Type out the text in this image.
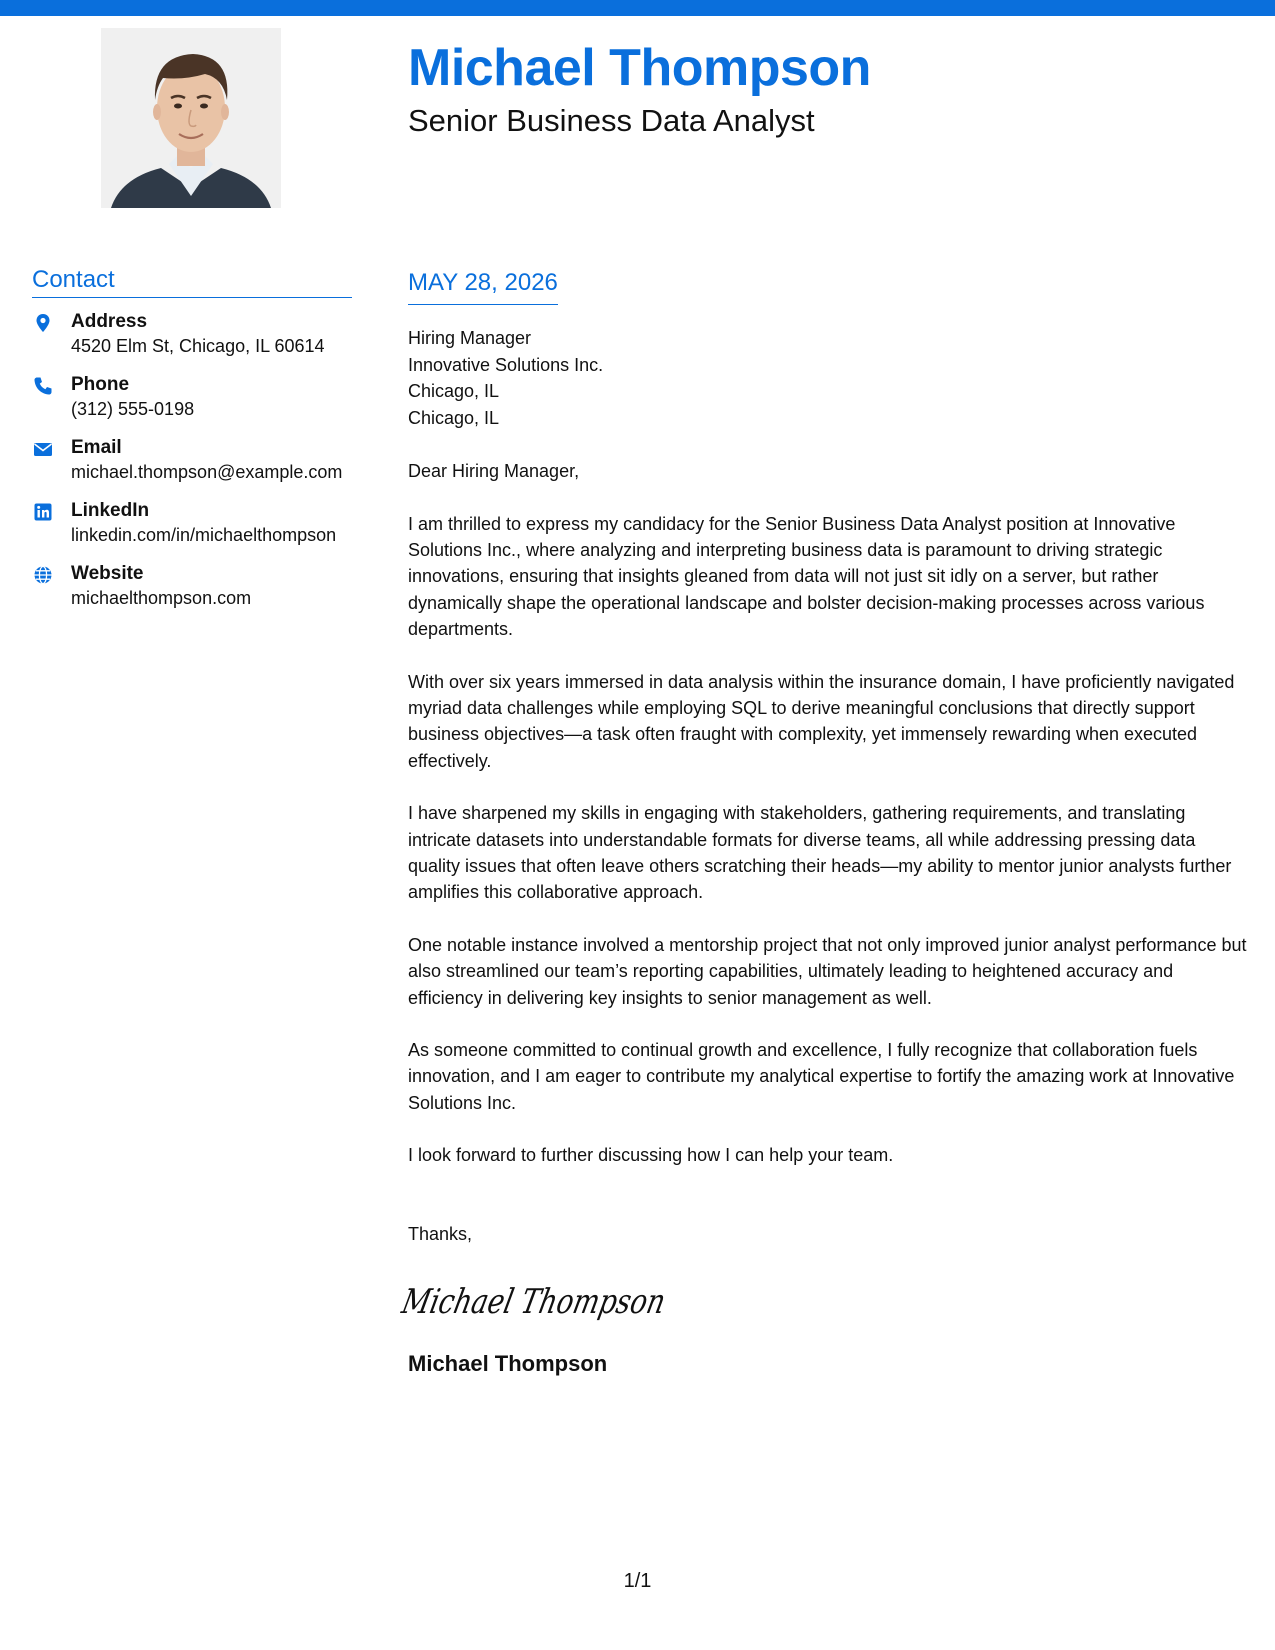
Michael Thompson
Senior Business Data Analyst
Contact
Address
4520 Elm St, Chicago, IL 60614
Phone
(312) 555-0198
Email
michael.thompson@example.com
LinkedIn
linkedin.com/in/michaelthompson
Website
michaelthompson.com
MAY 28, 2026
Hiring Manager
Innovative Solutions Inc.
Chicago, IL
Chicago, IL
Dear Hiring Manager,
I am thrilled to express my candidacy for the Senior Business Data Analyst position at Innovative Solutions Inc., where analyzing and interpreting business data is paramount to driving strategic innovations, ensuring that insights gleaned from data will not just sit idly on a server, but rather dynamically shape the operational landscape and bolster decision-making processes across various departments.
With over six years immersed in data analysis within the insurance domain, I have proficiently navigated myriad data challenges while employing SQL to derive meaningful conclusions that directly support business objectives—a task often fraught with complexity, yet immensely rewarding when executed effectively.
I have sharpened my skills in engaging with stakeholders, gathering requirements, and translating intricate datasets into understandable formats for diverse teams, all while addressing pressing data quality issues that often leave others scratching their heads—my ability to mentor junior analysts further amplifies this collaborative approach.
One notable instance involved a mentorship project that not only improved junior analyst performance but also streamlined our team’s reporting capabilities, ultimately leading to heightened accuracy and efficiency in delivering key insights to senior management as well.
As someone committed to continual growth and excellence, I fully recognize that collaboration fuels innovation, and I am eager to contribute my analytical expertise to fortify the amazing work at Innovative Solutions Inc.
I look forward to further discussing how I can help your team.
Thanks,
Michael Thompson
Michael Thompson
1/1
